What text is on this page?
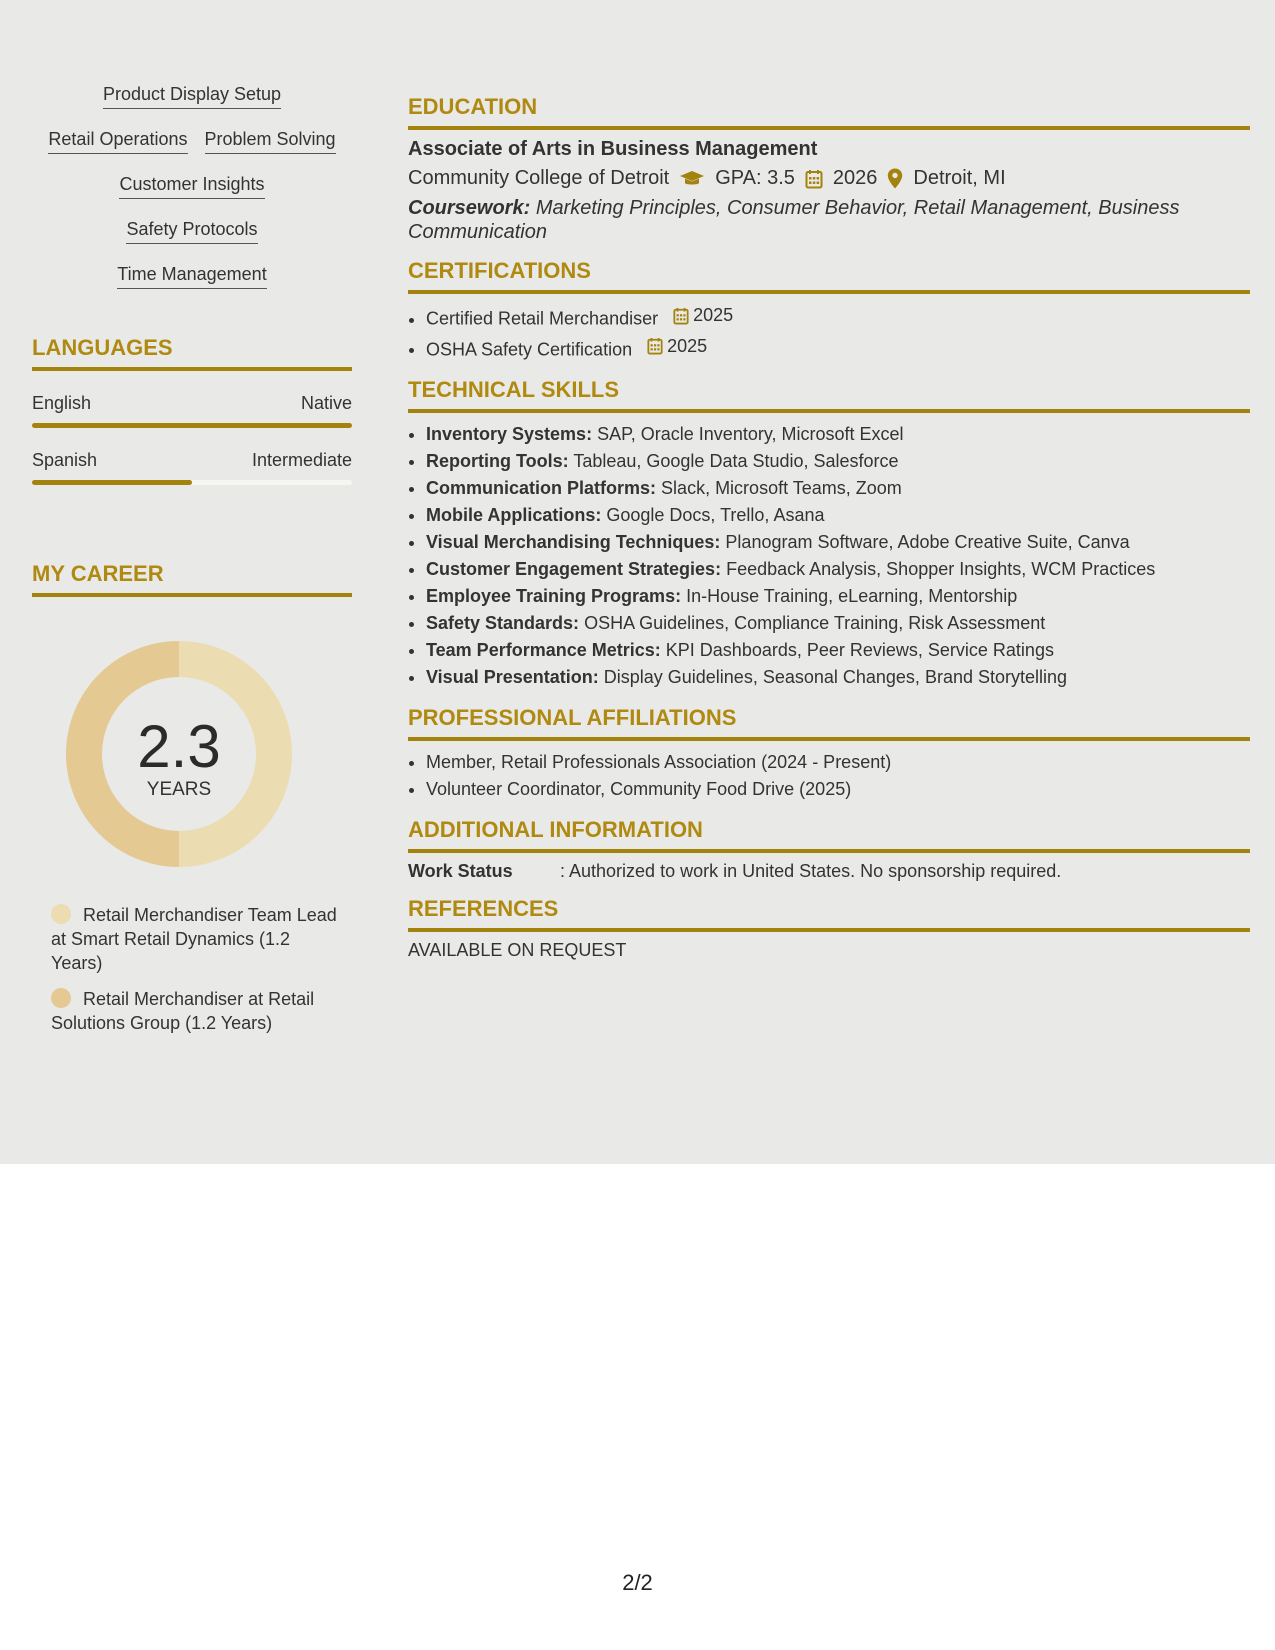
Product Display Setup
Retail Operations Problem Solving
Customer Insights
Safety Protocols
Time Management
LANGUAGES
English	Native
Spanish	Intermediate
MY CAREER
2.3
YEARS
Retail Merchandiser Team Lead at Smart Retail Dynamics (1.2 Years)
Retail Merchandiser at Retail Solutions Group (1.2 Years)
EDUCATION
Associate of Arts in Business Management
Community College of Detroit GPA: 3.5 2026 Detroit, MI
Coursework: Marketing Principles, Consumer Behavior, Retail Management, Business Communication
CERTIFICATIONS
• Certified Retail Merchandiser 2025
• OSHA Safety Certification 2025
TECHNICAL SKILLS
• Inventory Systems: SAP, Oracle Inventory, Microsoft Excel
• Reporting Tools: Tableau, Google Data Studio, Salesforce
• Communication Platforms: Slack, Microsoft Teams, Zoom
• Mobile Applications: Google Docs, Trello, Asana
• Visual Merchandising Techniques: Planogram Software, Adobe Creative Suite, Canva
• Customer Engagement Strategies: Feedback Analysis, Shopper Insights, WCM Practices
• Employee Training Programs: In-House Training, eLearning, Mentorship
• Safety Standards: OSHA Guidelines, Compliance Training, Risk Assessment
• Team Performance Metrics: KPI Dashboards, Peer Reviews, Service Ratings
• Visual Presentation: Display Guidelines, Seasonal Changes, Brand Storytelling
PROFESSIONAL AFFILIATIONS
• Member, Retail Professionals Association (2024 - Present)
• Volunteer Coordinator, Community Food Drive (2025)
ADDITIONAL INFORMATION
Work Status	: Authorized to work in United States. No sponsorship required.
REFERENCES
AVAILABLE ON REQUEST
2/2
